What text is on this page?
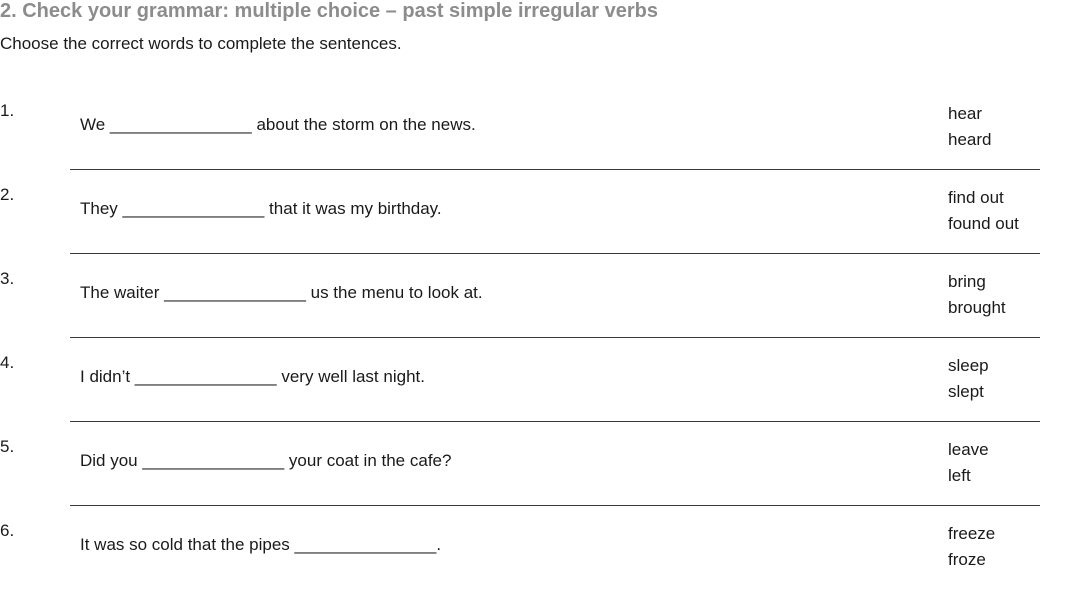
2. Check your grammar: multiple choice – past simple irregular verbs
Choose the correct words to complete the sentences.
1.
We _______________ about the storm on the news.
hear
heard
2.
They _______________ that it was my birthday.
find out
found out
3.
The waiter _______________ us the menu to look at.
bring
brought
4.
I didn’t _______________ very well last night.
sleep
slept
5.
Did you _______________ your coat in the cafe?
leave
left
6.
It was so cold that the pipes _______________.
freeze
froze
